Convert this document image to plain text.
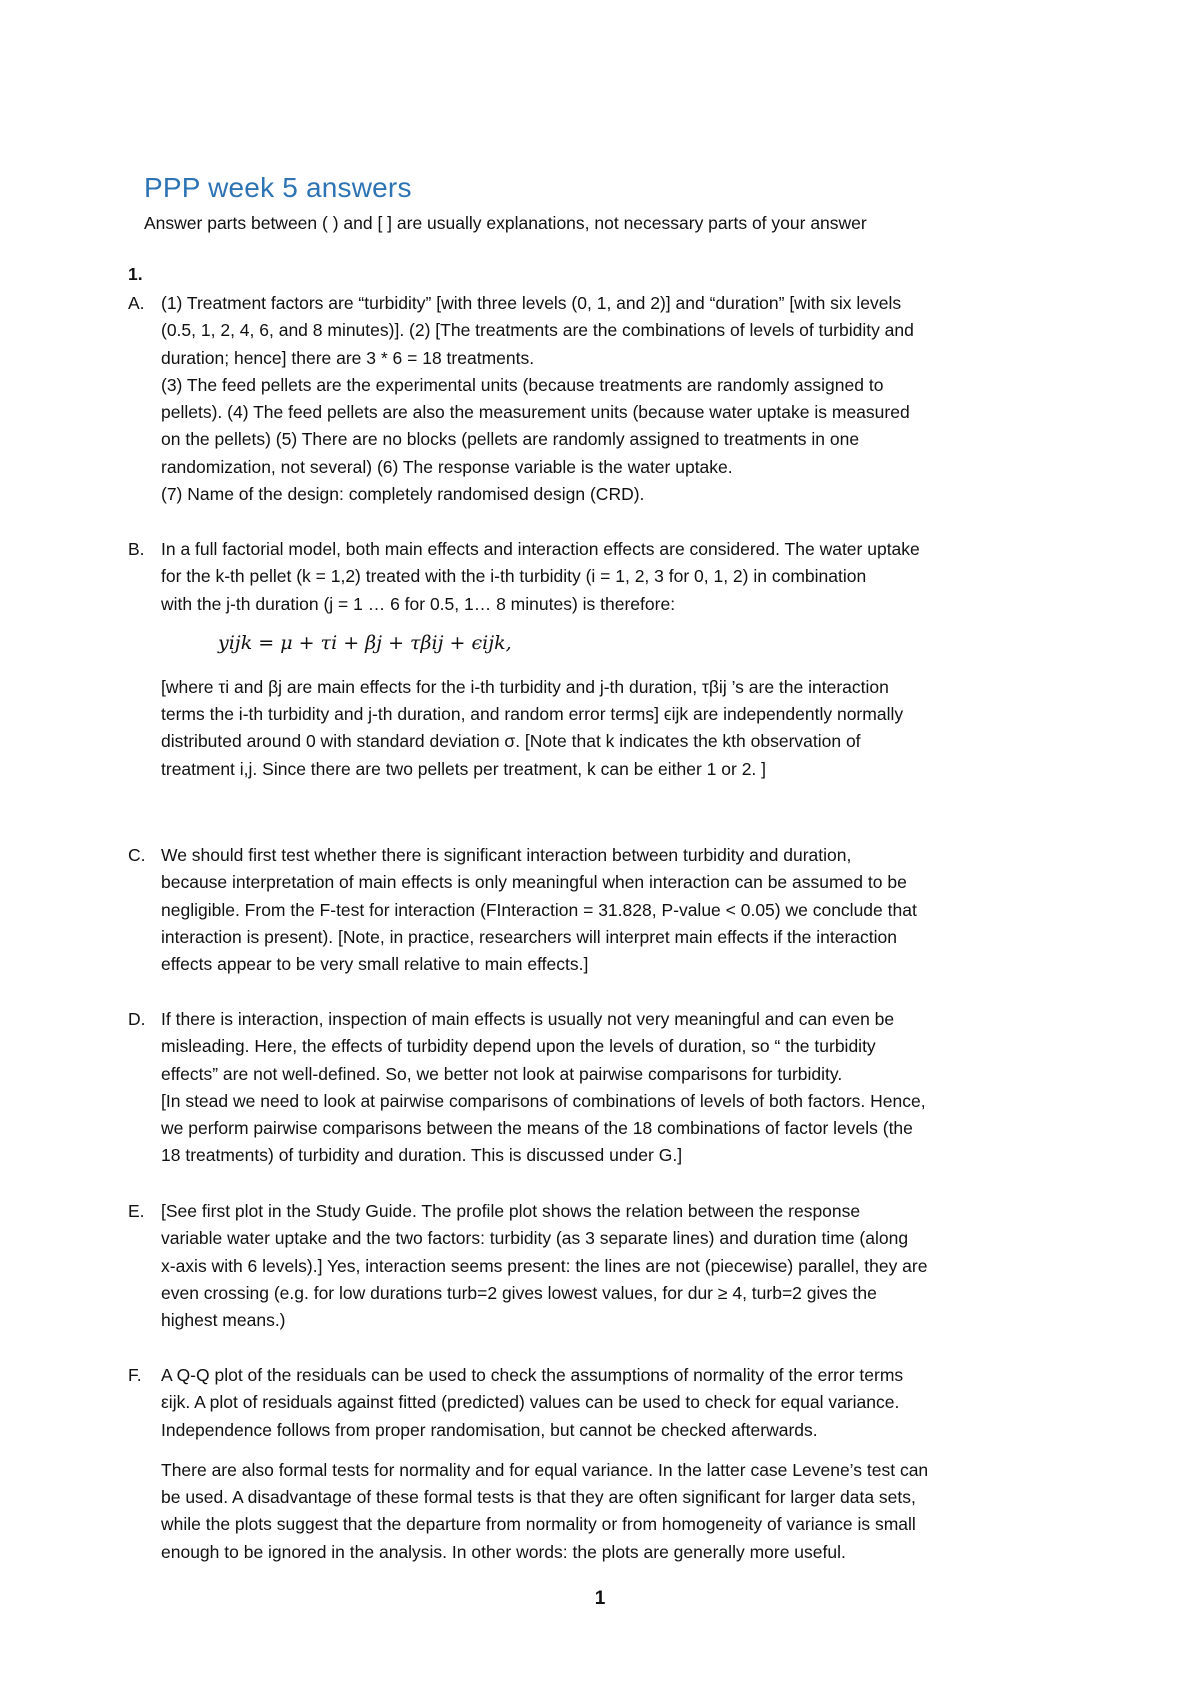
PPP week 5 answers
Answer parts between ( ) and [ ] are usually explanations, not necessary parts of your answer
1.
A. (1) Treatment factors are “turbidity” [with three levels (0, 1, and 2)] and “duration” [with six levels
(0.5, 1, 2, 4, 6, and 8 minutes)]. (2) [The treatments are the combinations of levels of turbidity and
duration; hence] there are 3 * 6 = 18 treatments.
(3) The feed pellets are the experimental units (because treatments are randomly assigned to
pellets). (4) The feed pellets are also the measurement units (because water uptake is measured
on the pellets) (5) There are no blocks (pellets are randomly assigned to treatments in one
randomization, not several) (6) The response variable is the water uptake.
(7) Name of the design: completely randomised design (CRD).
B. In a full factorial model, both main effects and interaction effects are considered. The water uptake
for the k-th pellet (k = 1,2) treated with the i-th turbidity (i = 1, 2, 3 for 0, 1, 2) in combination
with the j-th duration (j = 1 … 6 for 0.5, 1… 8 minutes) is therefore:
yijk = μ + τi + βj + τβij + ϵijk,
[where τi and βj are main effects for the i-th turbidity and j-th duration, τβij ’s are the interaction
terms the i-th turbidity and j-th duration, and random error terms] ϵijk are independently normally
distributed around 0 with standard deviation σ. [Note that k indicates the kth observation of
treatment i,j. Since there are two pellets per treatment, k can be either 1 or 2. ]
C. We should first test whether there is significant interaction between turbidity and duration,
because interpretation of main effects is only meaningful when interaction can be assumed to be
negligible. From the F-test for interaction (FInteraction = 31.828, P-value < 0.05) we conclude that
interaction is present). [Note, in practice, researchers will interpret main effects if the interaction
effects appear to be very small relative to main effects.]
D. If there is interaction, inspection of main effects is usually not very meaningful and can even be
misleading. Here, the effects of turbidity depend upon the levels of duration, so “ the turbidity
effects” are not well-defined. So, we better not look at pairwise comparisons for turbidity.
[In stead we need to look at pairwise comparisons of combinations of levels of both factors. Hence,
we perform pairwise comparisons between the means of the 18 combinations of factor levels (the
18 treatments) of turbidity and duration. This is discussed under G.]
E. [See first plot in the Study Guide. The profile plot shows the relation between the response
variable water uptake and the two factors: turbidity (as 3 separate lines) and duration time (along
x-axis with 6 levels).] Yes, interaction seems present: the lines are not (piecewise) parallel, they are
even crossing (e.g. for low durations turb=2 gives lowest values, for dur ≥ 4, turb=2 gives the
highest means.)
F. A Q-Q plot of the residuals can be used to check the assumptions of normality of the error terms
εijk. A plot of residuals against fitted (predicted) values can be used to check for equal variance.
Independence follows from proper randomisation, but cannot be checked afterwards.
There are also formal tests for normality and for equal variance. In the latter case Levene’s test can
be used. A disadvantage of these formal tests is that they are often significant for larger data sets,
while the plots suggest that the departure from normality or from homogeneity of variance is small
enough to be ignored in the analysis. In other words: the plots are generally more useful.
1
